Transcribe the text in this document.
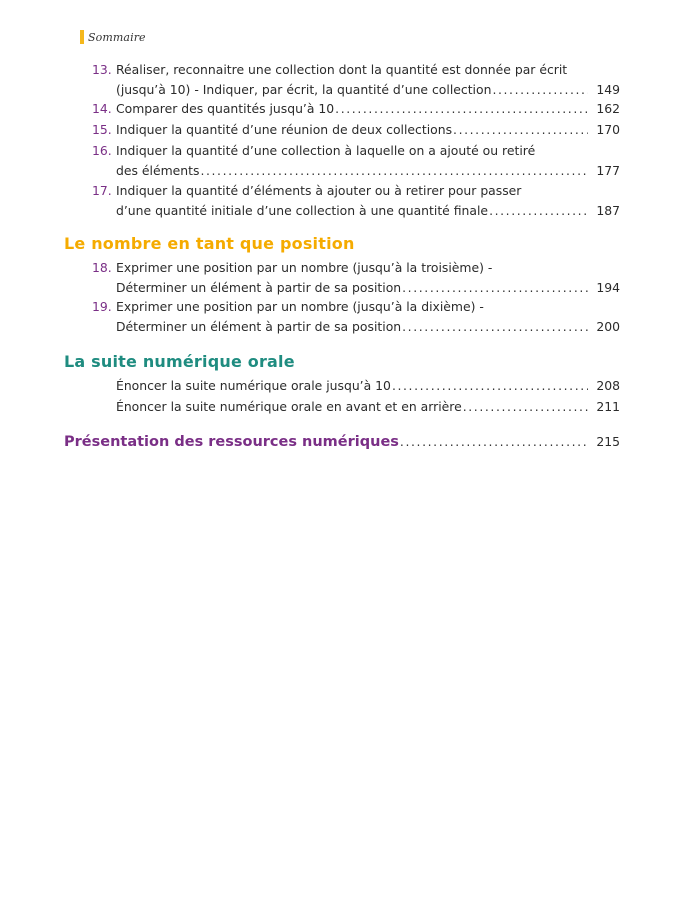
Sommaire
13. Réaliser, reconnaitre une collection dont la quantité est donnée par écrit
(jusqu’à 10) - Indiquer, par écrit, la quantité d’une collection .....	149
14. Comparer des quantités jusqu’à 10 .....	162
15. Indiquer la quantité d’une réunion de deux collections .....	170
16. Indiquer la quantité d’une collection à laquelle on a ajouté ou retiré
des éléments .....	177
17. Indiquer la quantité d’éléments à ajouter ou à retirer pour passer
d’une quantité initiale d’une collection à une quantité finale .....	187
Le nombre en tant que position
18. Exprimer une position par un nombre (jusqu’à la troisième) -
Déterminer un élément à partir de sa position .....	194
19. Exprimer une position par un nombre (jusqu’à la dixième) -
Déterminer un élément à partir de sa position .....	200
La suite numérique orale
Énoncer la suite numérique orale jusqu’à 10 .....	208
Énoncer la suite numérique orale en avant et en arrière .....	211
Présentation des ressources numériques .....	215
